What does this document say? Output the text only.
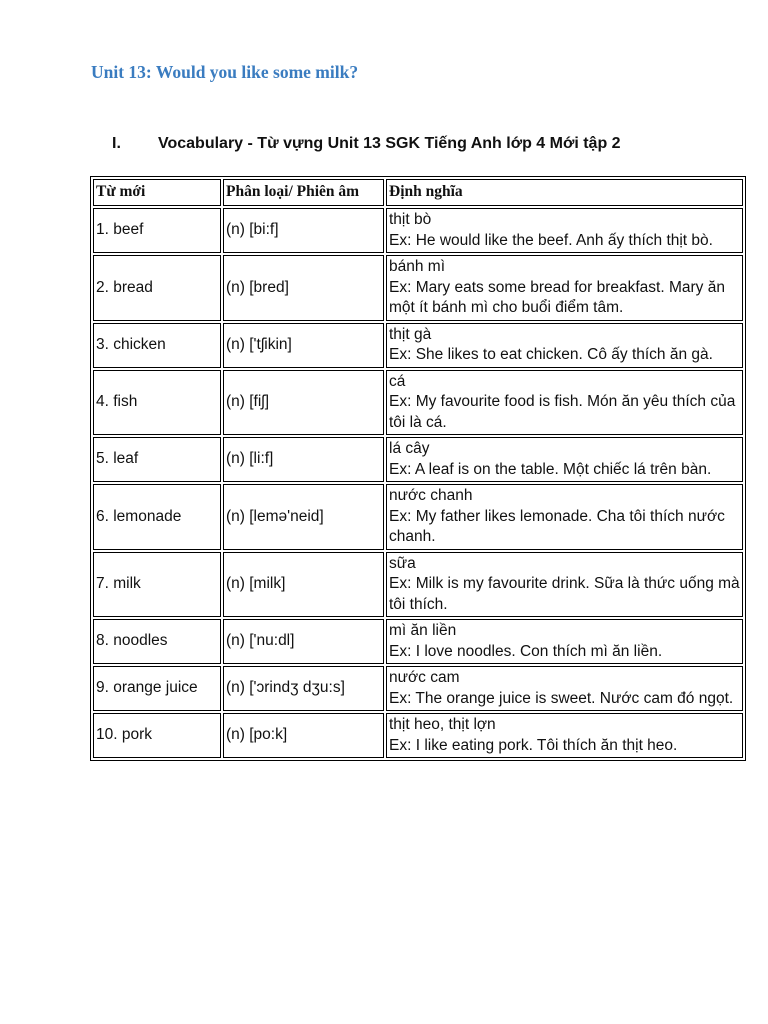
Unit 13: Would you like some milk?
I. Vocabulary - Từ vựng Unit 13 SGK Tiếng Anh lớp 4 Mới tập 2
Từ mới	Phân loại/ Phiên âm	Định nghĩa
1. beef	(n) [bi:f]	thịt bò
Ex: He would like the beef. Anh ấy thích thịt bò.

2. bread	(n) [bred]	bánh mì
Ex: Mary eats some bread for breakfast. Mary ăn một ít bánh mì cho buổi điểm tâm.

3. chicken	(n) ['tʃikin]	thịt gà
Ex: She likes to eat chicken. Cô ấy thích ăn gà.

4. fish	(n) [fiʃ]	cá
Ex: My favourite food is fish. Món ăn yêu thích của tôi là cá.

5. leaf	(n) [li:f]	lá cây
Ex: A leaf is on the table. Một chiếc lá trên bàn.

6. lemonade	(n) [lemə'neid]	nước chanh
Ex: My father likes lemonade. Cha tôi thích nước chanh.

7. milk	(n) [milk]	sữa
Ex: Milk is my favourite drink. Sữa là thức uống mà tôi thích.

8. noodles	(n) ['nu:dl]	mì ăn liền
Ex: I love noodles. Con thích mì ăn liền.

9. orange juice	(n) ['ɔrindʒ dʒu:s]	nước cam
Ex: The orange juice is sweet. Nước cam đó ngọt.

10. pork	(n) [po:k]	thịt heo, thịt lợn
Ex: I like eating pork. Tôi thích ăn thịt heo.
